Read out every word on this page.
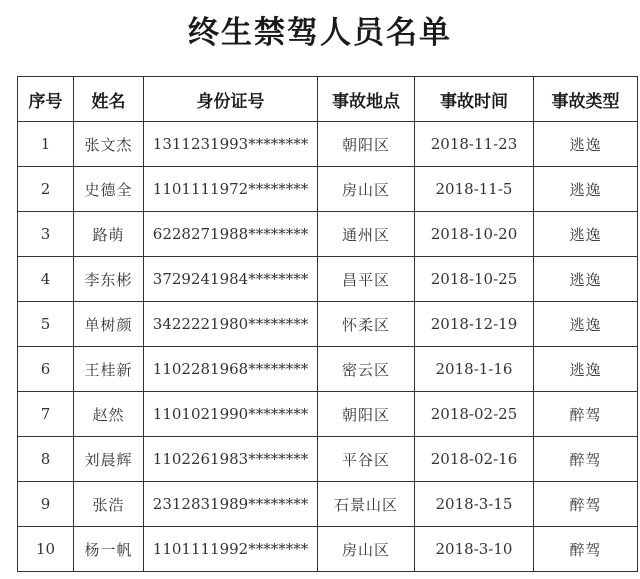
终生禁驾人员名单
序号	姓名	身份证号	事故地点	事故时间	事故类型
1	张文杰	1311231993********	朝阳区	2018-11-23	逃逸
2	史德全	1101111972********	房山区	2018-11-5	逃逸
3	路萌	6228271988********	通州区	2018-10-20	逃逸
4	李东彬	3729241984********	昌平区	2018-10-25	逃逸
5	单树颜	3422221980********	怀柔区	2018-12-19	逃逸
6	王桂新	1102281968********	密云区	2018-1-16	逃逸
7	赵然	1101021990********	朝阳区	2018-02-25	醉驾
8	刘晨辉	1102261983********	平谷区	2018-02-16	醉驾
9	张浩	2312831989********	石景山区	2018-3-15	醉驾
10	杨一帆	1101111992********	房山区	2018-3-10	醉驾
